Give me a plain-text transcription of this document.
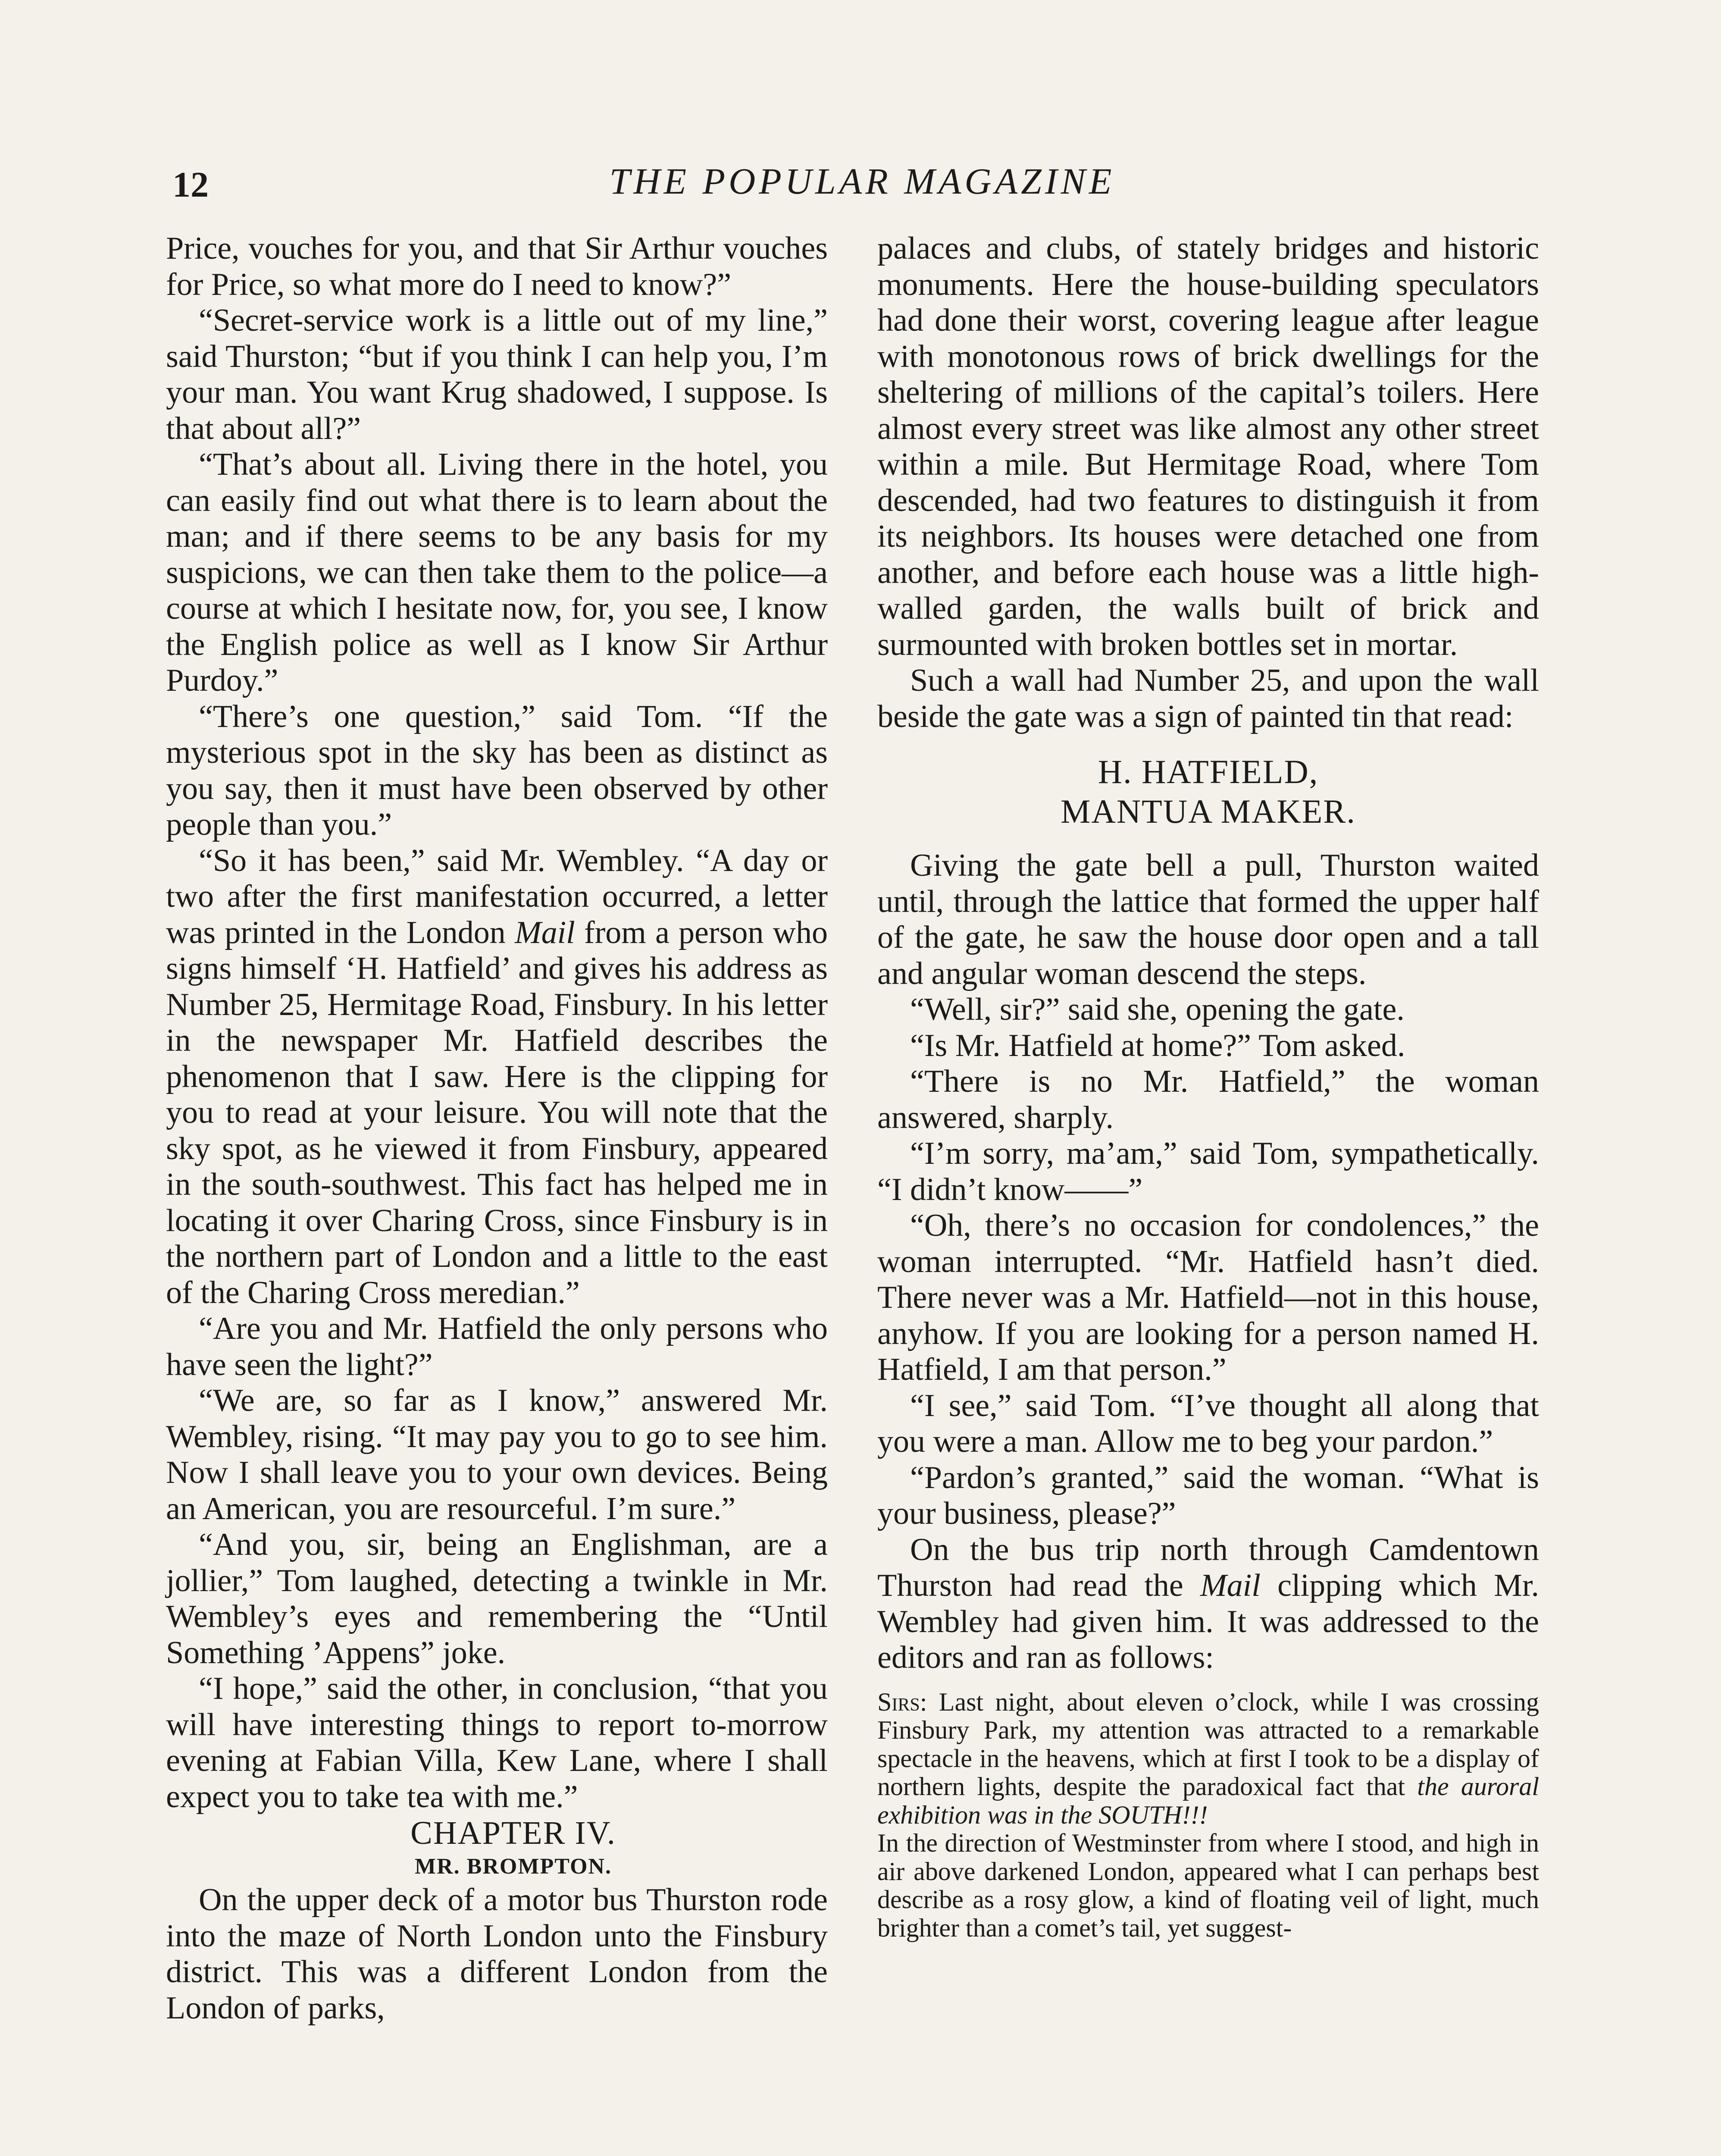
12	THE POPULAR MAGAZINE

Price, vouches for you, and that Sir Arthur vouches for Price, so what more do I need to know?”

“Secret-service work is a little out of my line,” said Thurston; “but if you think I can help you, I’m your man. You want Krug shadowed, I suppose. Is that about all?”

“That’s about all. Living there in the hotel, you can easily find out what there is to learn about the man; and if there seems to be any basis for my suspicions, we can then take them to the police—a course at which I hesitate now, for, you see, I know the English police as well as I know Sir Arthur Purdoy.”

“There’s one question,” said Tom. “If the mysterious spot in the sky has been as distinct as you say, then it must have been observed by other people than you.”

“So it has been,” said Mr. Wembley. “A day or two after the first manifestation occurred, a letter was printed in the London Mail from a person who signs himself ‘H. Hatfield’ and gives his address as Number 25, Hermitage Road, Finsbury. In his letter in the newspaper Mr. Hatfield describes the phenomenon that I saw. Here is the clipping for you to read at your leisure. You will note that the sky spot, as he viewed it from Finsbury, appeared in the south-southwest. This fact has helped me in locating it over Charing Cross, since Finsbury is in the northern part of London and a little to the east of the Charing Cross meredian.”

“Are you and Mr. Hatfield the only persons who have seen the light?”

“We are, so far as I know,” answered Mr. Wembley, rising. “It may pay you to go to see him. Now I shall leave you to your own devices. Being an American, you are resourceful. I’m sure.”

“And you, sir, being an Englishman, are a jollier,” Tom laughed, detecting a twinkle in Mr. Wembley’s eyes and remembering the “Until Something ’Appens” joke.

“I hope,” said the other, in conclusion, “that you will have interesting things to report to-morrow evening at Fabian Villa, Kew Lane, where I shall expect you to take tea with me.”

CHAPTER IV.

MR. BROMPTON.

On the upper deck of a motor bus Thurston rode into the maze of North London unto the Finsbury district. This was a different London from the London of parks,

palaces and clubs, of stately bridges and historic monuments. Here the house-building speculators had done their worst, covering league after league with monotonous rows of brick dwellings for the sheltering of millions of the capital’s toilers. Here almost every street was like almost any other street within a mile. But Hermitage Road, where Tom descended, had two features to distinguish it from its neighbors. Its houses were detached one from another, and before each house was a little high-walled garden, the walls built of brick and surmounted with broken bottles set in mortar.

Such a wall had Number 25, and upon the wall beside the gate was a sign of painted tin that read:

H. HATFIELD,
MANTUA MAKER.

Giving the gate bell a pull, Thurston waited until, through the lattice that formed the upper half of the gate, he saw the house door open and a tall and angular woman descend the steps.

“Well, sir?” said she, opening the gate.

“Is Mr. Hatfield at home?” Tom asked.

“There is no Mr. Hatfield,” the woman answered, sharply.

“I’m sorry, ma’am,” said Tom, sympathetically. “I didn’t know——”

“Oh, there’s no occasion for condolences,” the woman interrupted. “Mr. Hatfield hasn’t died. There never was a Mr. Hatfield—not in this house, anyhow. If you are looking for a person named H. Hatfield, I am that person.”

“I see,” said Tom. “I’ve thought all along that you were a man. Allow me to beg your pardon.”

“Pardon’s granted,” said the woman. “What is your business, please?”

On the bus trip north through Camdentown Thurston had read the Mail clipping which Mr. Wembley had given him. It was addressed to the editors and ran as follows:

Sirs: Last night, about eleven o’clock, while I was crossing Finsbury Park, my attention was attracted to a remarkable spectacle in the heavens, which at first I took to be a display of northern lights, despite the paradoxical fact that the auroral exhibition was in the SOUTH!!!

In the direction of Westminster from where I stood, and high in air above darkened London, appeared what I can perhaps best describe as a rosy glow, a kind of floating veil of light, much brighter than a comet’s tail, yet suggest-
